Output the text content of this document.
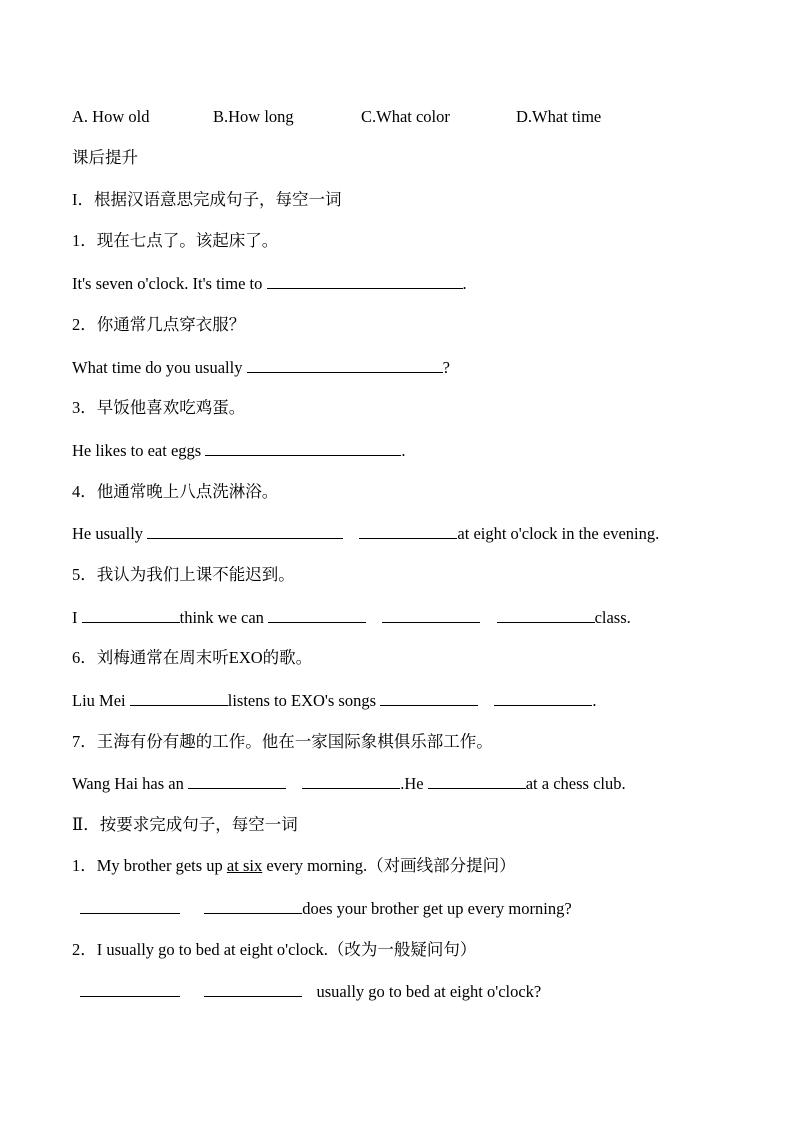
A. How old	B.How long	C.What color	D.What time
课后提升
I．根据汉语意思完成句子，每空一词
1．现在七点了。该起床了。
It's seven o'clock. It's time to	.
2．你通常几点穿衣服？
What time do you usually	?
3．早饭他喜欢吃鸡蛋。
He likes to eat eggs	.
4．他通常晚上八点洗淋浴。
He usually	at eight o'clock in the evening.
5．我认为我们上课不能迟到。
I	think we can	class.
6．刘梅通常在周末听EXO的歌。
Liu Mei	listens to EXO's songs	.
7．王海有份有趣的工作。他在一家国际象棋俱乐部工作。
Wang Hai has an	.He	at a chess club.
Ⅱ．按要求完成句子，每空一词
1．My brother gets up at six every morning.（对画线部分提问）
does your brother get up every morning?
2．I usually go to bed at eight o'clock.（改为一般疑问句）
usually go to bed at eight o'clock?
